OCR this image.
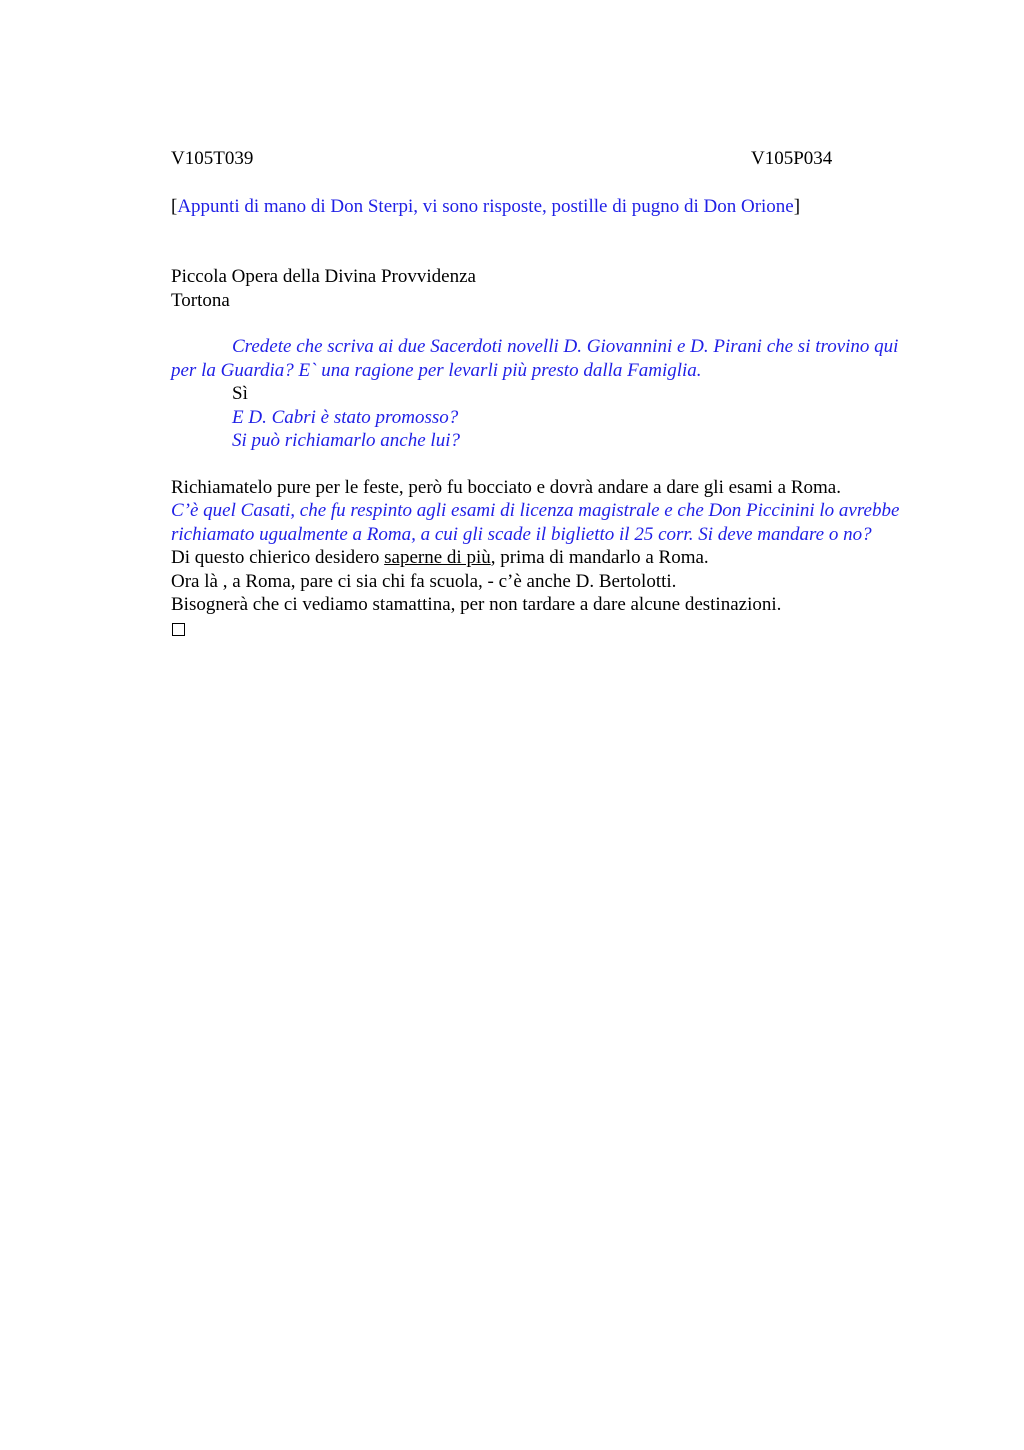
V105T039	V105P034
[Appunti di mano di Don Sterpi, vi sono risposte, postille di pugno di Don Orione]

Piccola Opera della Divina Provvidenza

Tortona

Credete che scriva ai due Sacerdoti novelli D. Giovannini e D. Pirani che si trovino qui per la Guardia? E` una ragione per levarli più presto dalla Famiglia.

Sì

E D. Cabri è stato promosso?

Si può richiamarlo anche lui?

Richiamatelo pure per le feste, però fu bocciato e dovrà andare a dare gli esami a Roma.

C’è quel Casati, che fu respinto agli esami di licenza magistrale e che Don Piccinini lo avrebbe richiamato ugualmente a Roma, a cui gli scade il biglietto il 25 corr. Si deve mandare o no?

Di questo chierico desidero saperne di più, prima di mandarlo a Roma.

Ora là , a Roma, pare ci sia chi fa scuola, - c’è anche D. Bertolotti.

Bisognerà che ci vediamo stamattina, per non tardare a dare alcune destinazioni.
